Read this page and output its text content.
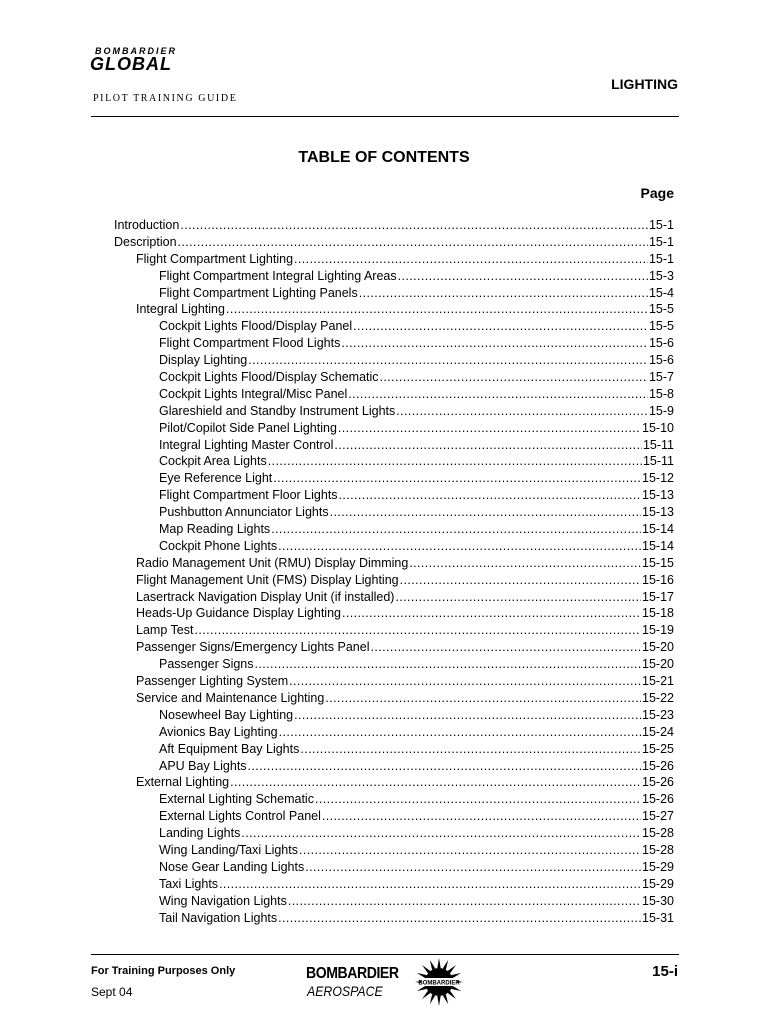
BOMBARDIER
GLOBAL
PILOT TRAINING GUIDE
LIGHTING
TABLE OF CONTENTS
Page
Introduction .....	15-1
Description .....	15-1
Flight Compartment Lighting .....	15-1
Flight Compartment Integral Lighting Areas .....	15-3
Flight Compartment Lighting Panels .....	15-4
Integral Lighting .....	15-5
Cockpit Lights Flood/Display Panel .....	15-5
Flight Compartment Flood Lights .....	15-6
Display Lighting .....	15-6
Cockpit Lights Flood/Display Schematic .....	15-7
Cockpit Lights Integral/Misc Panel .....	15-8
Glareshield and Standby Instrument Lights .....	15-9
Pilot/Copilot Side Panel Lighting .....	15-10
Integral Lighting Master Control .....	15-11
Cockpit Area Lights .....	15-11
Eye Reference Light .....	15-12
Flight Compartment Floor Lights .....	15-13
Pushbutton Annunciator Lights .....	15-13
Map Reading Lights .....	15-14
Cockpit Phone Lights .....	15-14
Radio Management Unit (RMU) Display Dimming .....	15-15
Flight Management Unit (FMS) Display Lighting .....	15-16
Lasertrack Navigation Display Unit (if installed) .....	15-17
Heads-Up Guidance Display Lighting .....	15-18
Lamp Test .....	15-19
Passenger Signs/Emergency Lights Panel .....	15-20
Passenger Signs .....	15-20
Passenger Lighting System .....	15-21
Service and Maintenance Lighting .....	15-22
Nosewheel Bay Lighting .....	15-23
Avionics Bay Lighting .....	15-24
Aft Equipment Bay Lights .....	15-25
APU Bay Lights .....	15-26
External Lighting .....	15-26
External Lighting Schematic .....	15-26
External Lights Control Panel .....	15-27
Landing Lights .....	15-28
Wing Landing/Taxi Lights .....	15-28
Nose Gear Landing Lights .....	15-29
Taxi Lights .....	15-29
Wing Navigation Lights .....	15-30
Tail Navigation Lights .....	15-31
For Training Purposes Only
Sept 04
BOMBARDIER
AEROSPACE	BOMBARDIER
15-i
